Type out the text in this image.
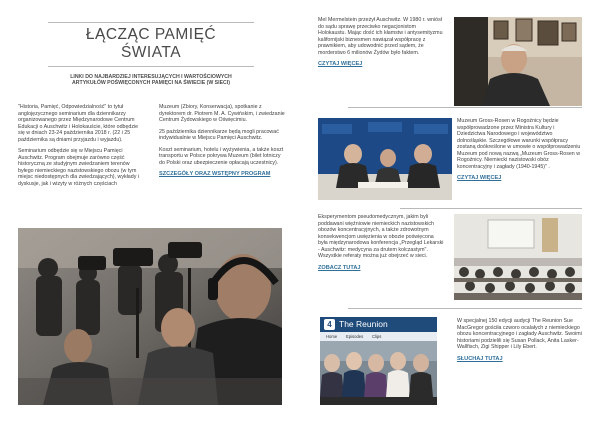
ŁĄCZĄC PAMIĘĆ
ŚWIATA
LINKI DO NAJBARDZIEJ INTERESUJĄCYCH I WARTOŚCIOWYCH ARTYKUŁÓW POŚWIĘCONYCH PAMIĘCI NA ŚWIECIE (W SIECI)

"Historia, Pamięć, Odpowiedzialność" to tytuł anglojęzycznego seminarium dla dziennikarzy organizowanego przez Międzynarodowe Centrum Edukacji o Auschwitz i Holokauście, które odbędzie się w dniach 23-24 października 2018 r. (22 i 25 października są dniami przyjazdu i wyjazdu).

Seminarium odbędzie się w Miejscu Pamięci Auschwitz. Program obejmuje zarówno część historyczną ze studyjnym zwiedzaniem terenów byłego niemieckiego nazistowskiego obozu (w tym miejsc niedostępnych dla zwiedzających), wykłady i dyskusje, jak i wizyty w różnych częściach

Muzeum (Zbiory, Konserwacja), spotkanie z dyrektorem dr. Piotrem M. A. Cywińskim, i zwiedzanie Centrum Żydowskiego w Oświęcimiu.

25 października dziennikarze będą mogli pracować indywidualnie w Miejscu Pamięci Auschwitz.

Koszt seminarium, hotelu i wyżywienia, a także koszt transportu w Polsce pokrywa Muzeum (bilet lotniczy do Polski oraz ubezpieczenie opłacają uczestnicy).

SZCZEGÓŁY ORAZ WSTĘPNY PROGRAM

Mel Mermelstein przeżył Auschwitz. W 1980 r. wniósł do sądu sprawę przeciwko negacjonistom Holokaustu. Mając dość ich kłamstw i antysemityzmu kalifornijski biznesmen nawiązał współpracę z prawnikiem, aby udowodnić przed sądem, że morderstwo 6 milionów Żydów było faktem.

CZYTAJ WIĘCEJ

Muzeum Gross-Rosen w Rogoźnicy będzie współprowadzone przez Ministra Kultury i Dziedzictwa Narodowego i województwo dolnośląskie. Szczegółowe warunki współpracy zostaną doókreślone w umowie o współprowadzeniu Muzeum pod nową nazwą „Muzeum Gross-Rosen w Rogoźnicy. Niemiecki nazistowski obóz koncentracyjny i zagłady (1940-1945)" .

CZYTAJ WIĘCEJ

Eksperymentom pseudomedycznym, jakim byli poddawani więźniowie niemieckich nazistowskich obozów koncentracyjnych, a także zdrowotnym konsekwencjom uwięzienia w obozie poświęcona była międzynarodowa konferencja „Przegląd Lekarski - Auschwitz: medycyna za drutem kolczastym". Wszystkie referaty można już obejrzeć w sieci.

ZOBACZ TUTAJ
4 The Reunion
Home Episodes Clips

W specjalnej 150 edycji audycji The Reunion Sue MacGregor gościła czworo ocalałych z niemieckiego obozu koncentracyjnego i zagłady Auschwitz. Swoimi historiami podzielili się Susan Pollack, Anita Lasker-Wallfisch, Zigi Shipper i Lily Ebert.

SŁUCHAJ TUTAJ
